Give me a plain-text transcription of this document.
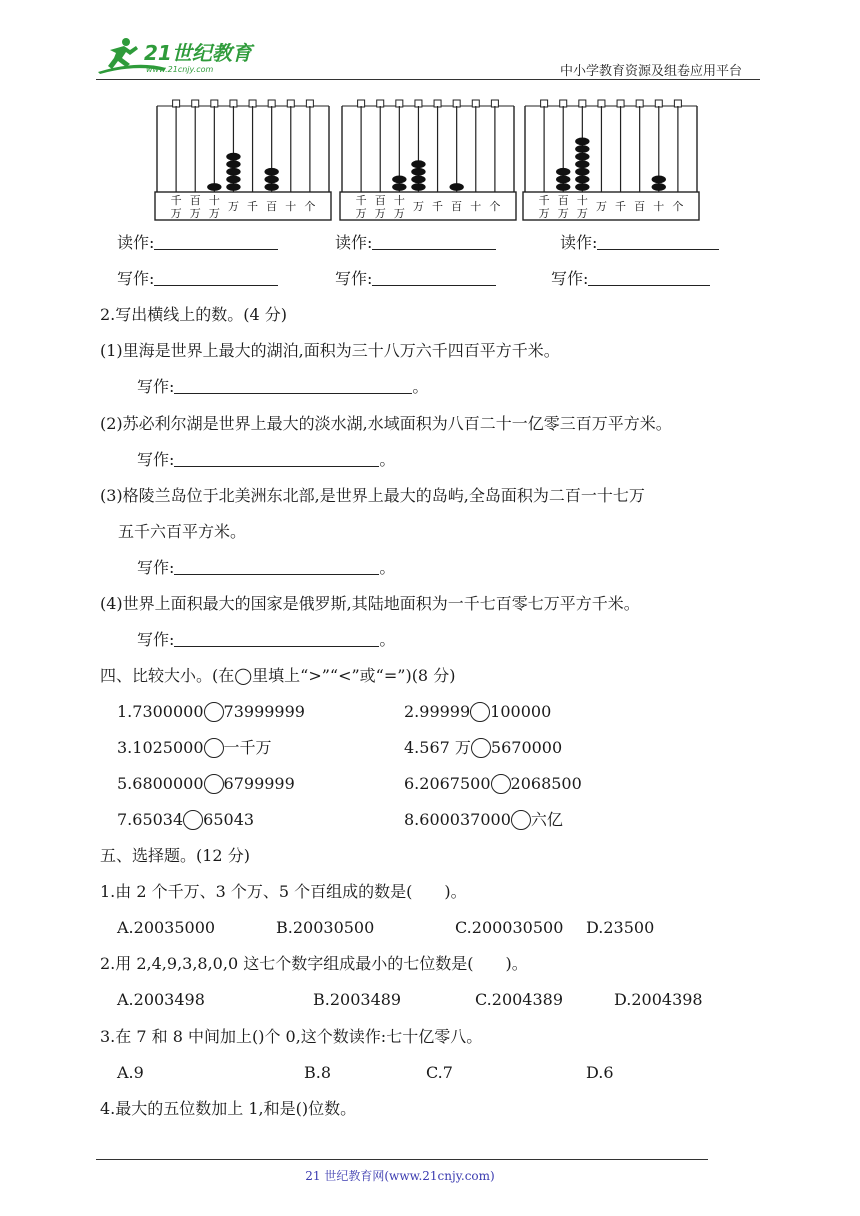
21世纪教育
www.21cnjy.com	中小学教育资源及组卷应用平台
千
万
百
万
十
万
万 千 百 十 个	千
万
百
万
十
万
万 千 百 十 个	千
万
百
万
十
万
万 千 百 十 个
读作:	读作:	读作:
写作:	写作:	写作:
2.写出横线上的数。(4 分)
(1)里海是世界上最大的湖泊,面积为三十八万六千四百平方千米。
写作:	。
(2)苏必利尔湖是世界上最大的淡水湖,水域面积为八百二十一亿零三百万平方米。
写作:	。
(3)格陵兰岛位于北美洲东北部,是世界上最大的岛屿,全岛面积为二百一十七万
五千六百平方米。
写作:	。
(4)世界上面积最大的国家是俄罗斯,其陆地面积为一千七百零七万平方千米。
写作:	。
四、比较大小。(在◯里填上“>”“<”或“=”)(8 分)
1.7300000 73999999	2.99999 100000
3.1025000 一千万	4.567 万 5670000
5.6800000 6799999	6.2067500 2068500
7.65034 65043	8.600037000 六亿
五、选择题。(12 分)
1.由 2 个千万、3 个万、5 个百组成的数是(　　)。
A.20035000	B.20030500	C.200030500 D.23500
2.用 2,4,9,3,8,0,0 这七个数字组成最小的七位数是(　　)。
A.2003498	B.2003489	C.2004389	D.2004398
3.在 7 和 8 中间加上()个 0,这个数读作:七十亿零八。
A.9	B.8	C.7	D.6
4.最大的五位数加上 1,和是()位数。
21 世纪教育网(www.21cnjy.com)
